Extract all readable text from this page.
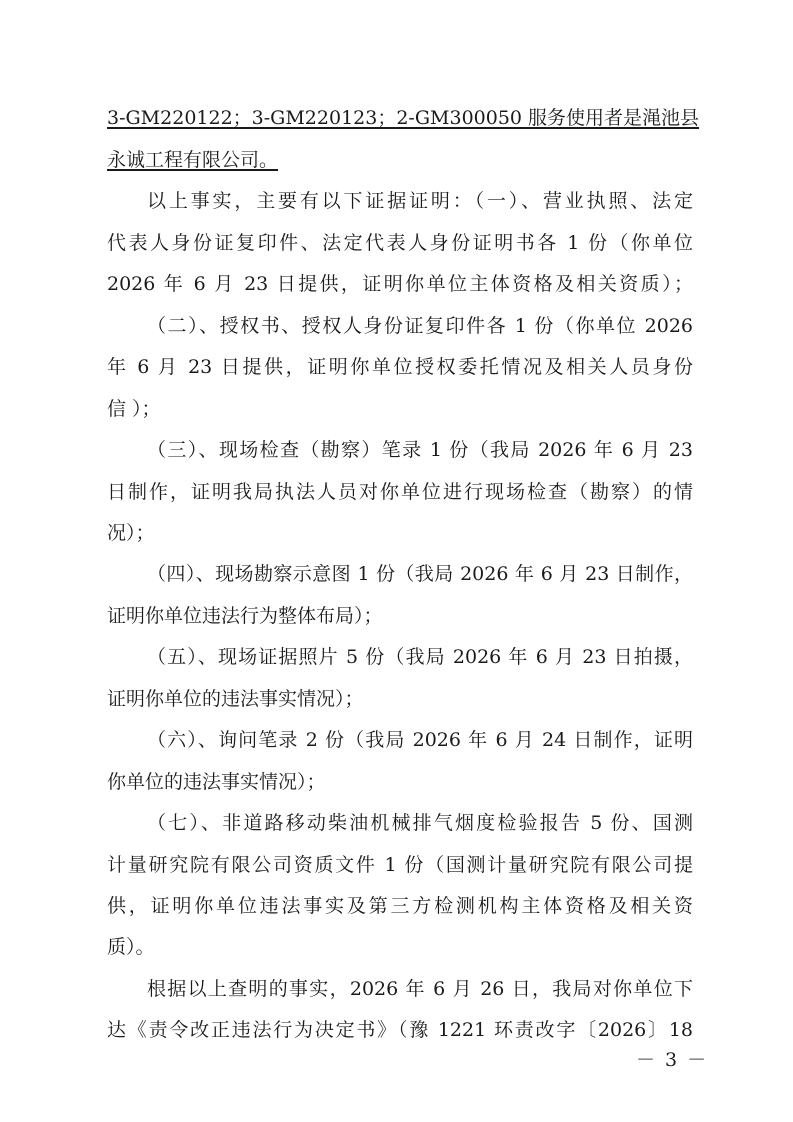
3-GM220122；3-GM220123；2-GM300050 服务使用者是渑池县
永诚工程有限公司。
以上事实，主要有以下证据证明：（一）、营业执照、法定
代表人身份证复印件、法定代表人身份证明书各 1 份（你单位
2026 年 6 月 23 日提供，证明你单位主体资格及相关资质）；
（二）、授权书、授权人身份证复印件各 1 份（你单位 2026
年 6 月 23 日提供，证明你单位授权委托情况及相关人员身份
信 ）；
（三）、现场检查（勘察）笔录 1 份（我局 2026 年 6 月 23
日制作，证明我局执法人员对你单位进行现场检查（勘察）的情
况）；
（四）、现场勘察示意图 1 份（我局 2026 年 6 月 23 日制作，
证明你单位违法行为整体布局）；
（五）、现场证据照片 5 份（我局 2026 年 6 月 23 日拍摄，
证明你单位的违法事实情况）；
（六）、询问笔录 2 份（我局 2026 年 6 月 24 日制作，证明
你单位的违法事实情况）；
（七）、非道路移动柴油机械排气烟度检验报告 5 份、国测
计量研究院有限公司资质文件 1 份（国测计量研究院有限公司提
供，证明你单位违法事实及第三方检测机构主体资格及相关资
质）。
根据以上查明的事实，2026 年 6 月 26 日，我局对你单位下
达《责令改正违法行为决定书》（豫 1221 环责改字〔2026〕18
－ 3 －
